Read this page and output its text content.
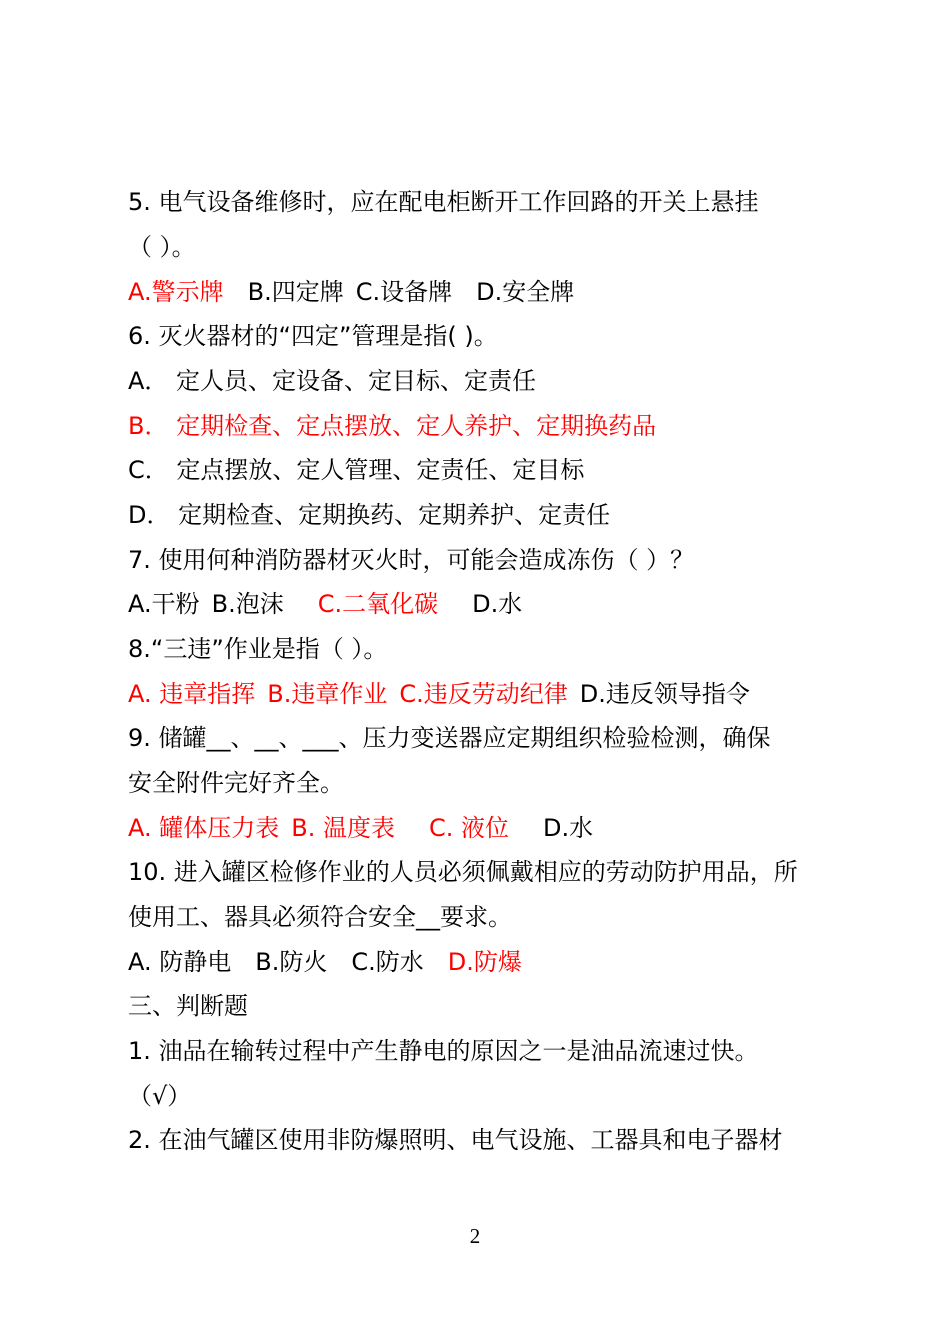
5. 电气设备维修时，应在配电柜断开工作回路的开关上悬挂
（ ）。
A.警示牌 B.四定牌 C.设备牌 D.安全牌
6. 灭火器材的“四定”管理是指( )。
A． 定人员、定设备、定目标、定责任
B． 定期检查、定点摆放、定人养护、定期换药品
C． 定点摆放、定人管理、定责任、定目标
D． 定期检查、定期换药、定期养护、定责任
7. 使用何种消防器材灭火时，可能会造成冻伤（ ）？
A.干粉 B.泡沫 C.二氧化碳 D.水
8.“三违”作业是指（ ）。
A. 违章指挥 B.违章作业 C.违反劳动纪律 D.违反领导指令
9. 储罐__、__、___、压力变送器应定期组织检验检测，确保
安全附件完好齐全。
A. 罐体压力表 B. 温度表 C. 液位 D.水
10. 进入罐区检修作业的人员必须佩戴相应的劳动防护用品，所
使用工、器具必须符合安全__要求。
A. 防静电 B.防火 C.防水 D.防爆
三、判断题
1. 油品在输转过程中产生静电的原因之一是油品流速过快。
（√）
2. 在油气罐区使用非防爆照明、电气设施、工器具和电子器材
2
